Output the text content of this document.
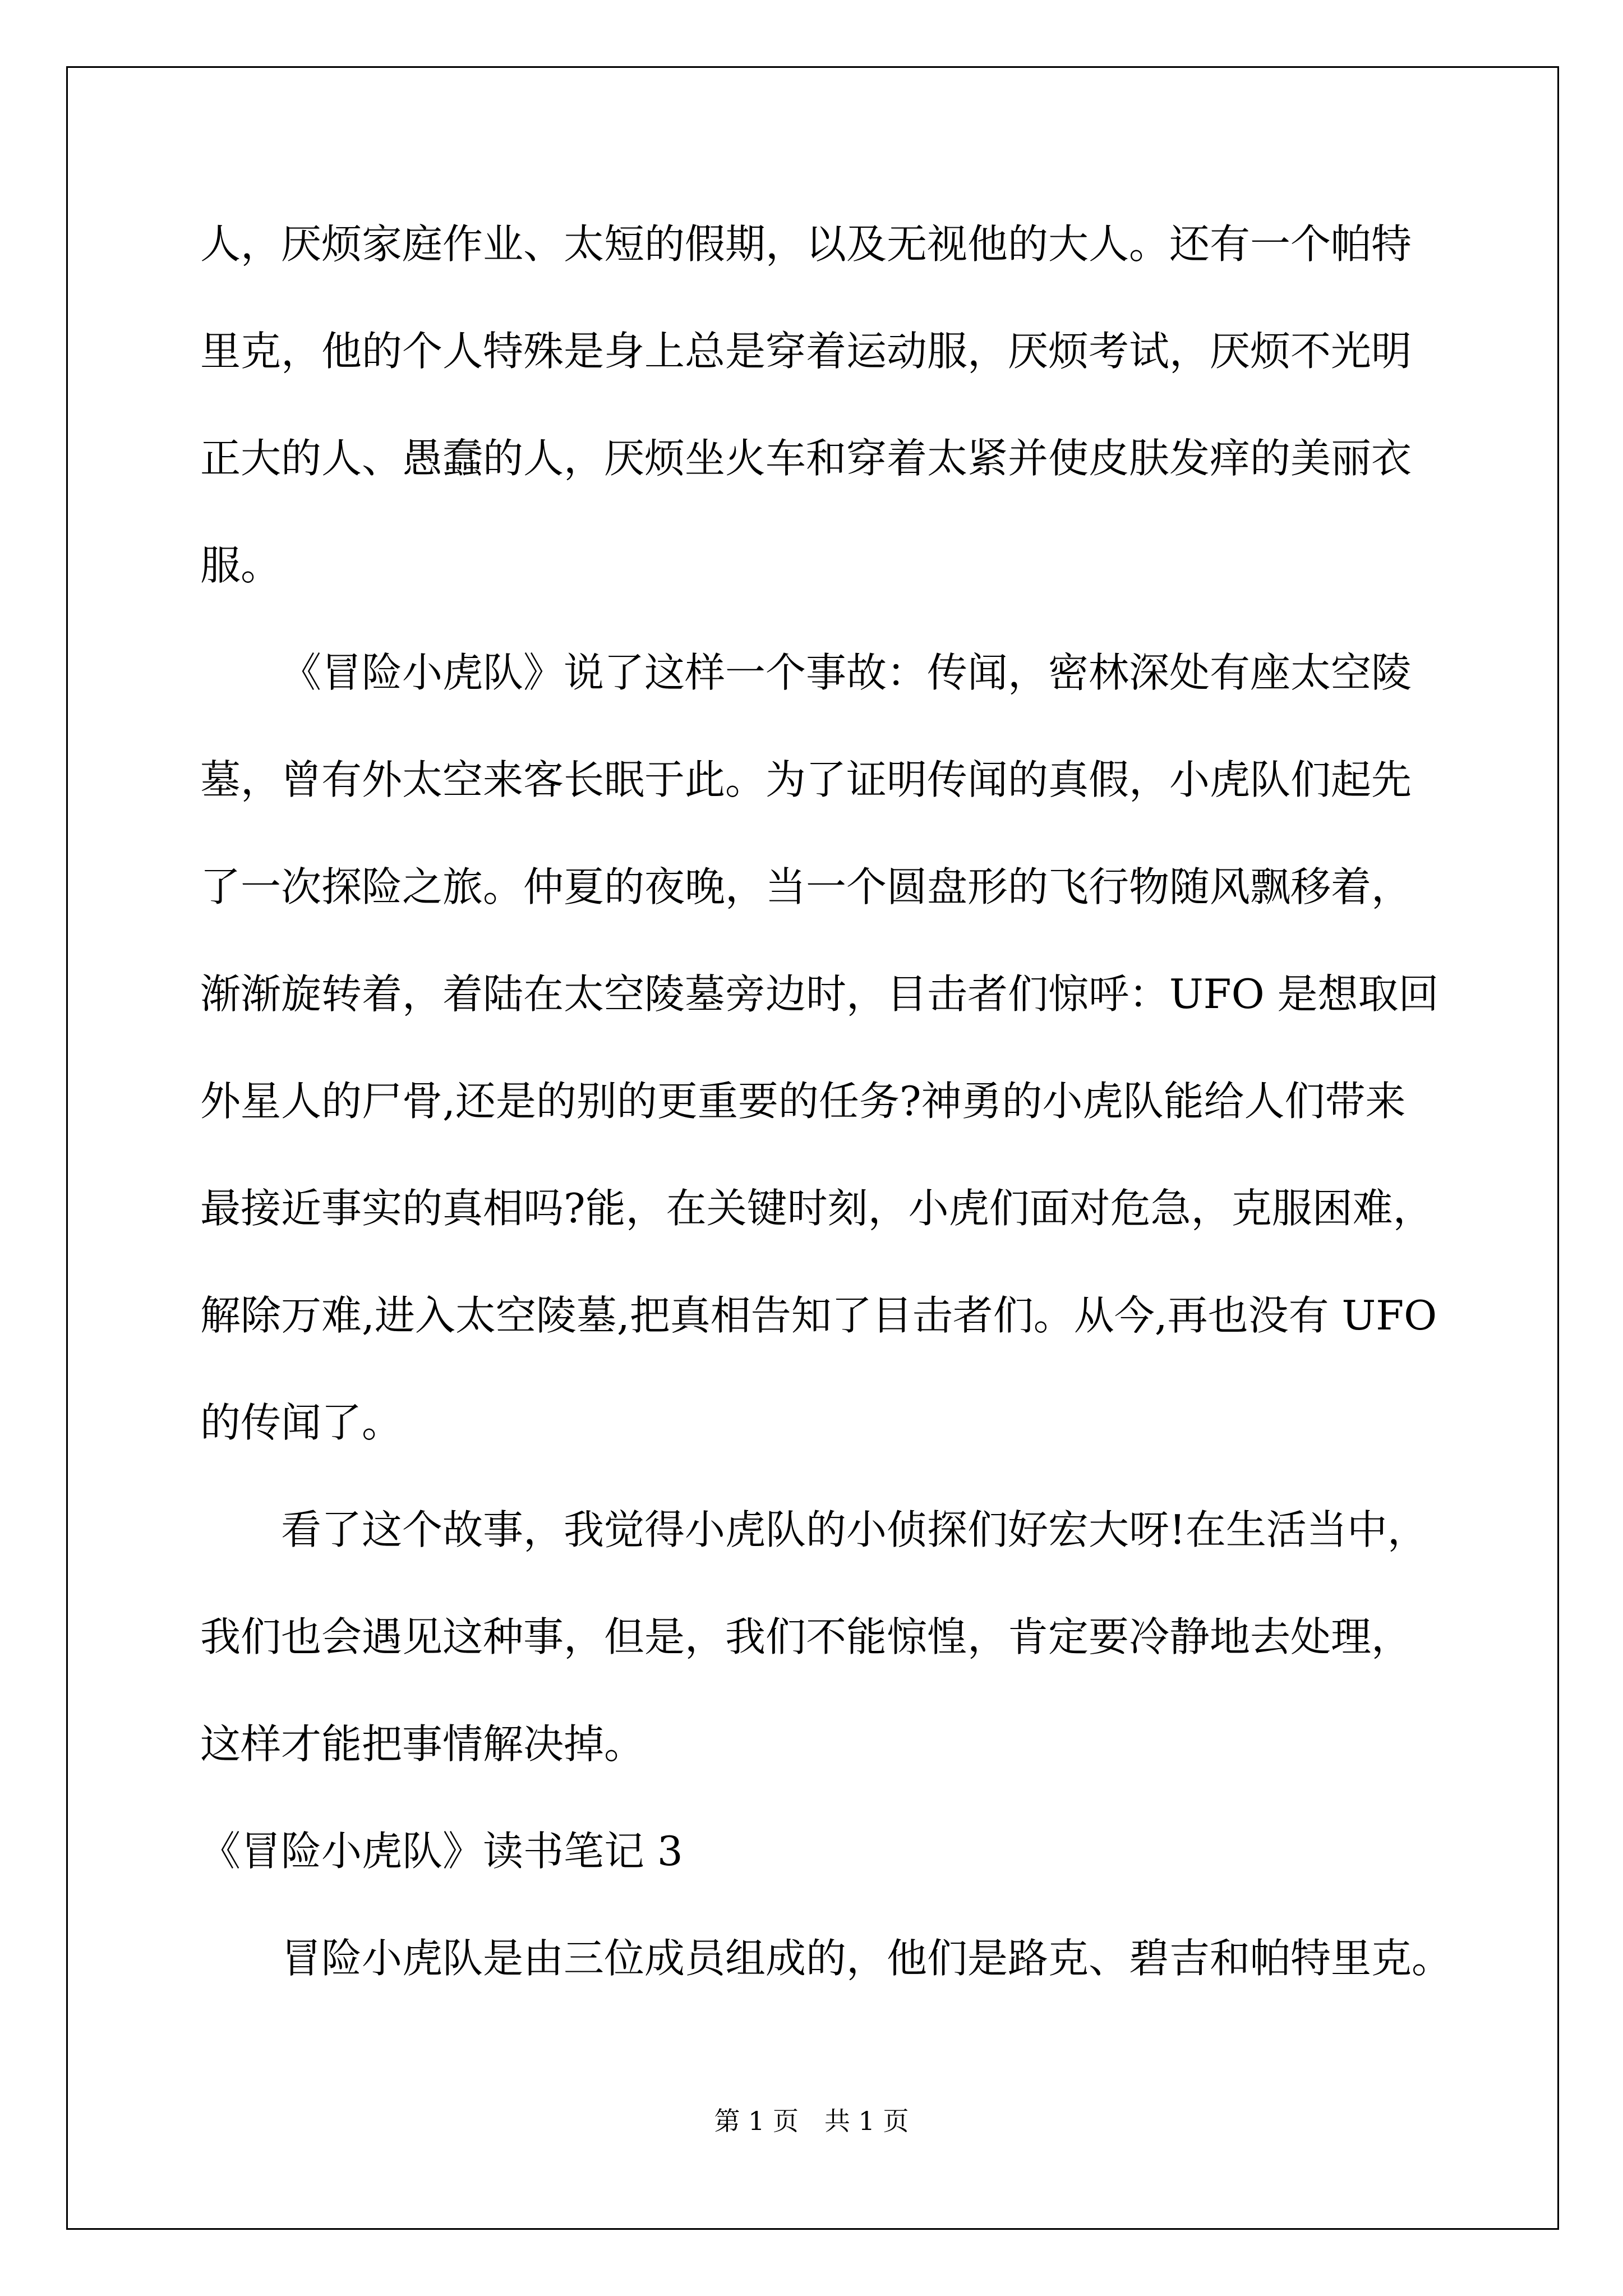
人，厌烦家庭作业、太短的假期，以及无视他的大人。还有一个帕特
里克，他的个人特殊是身上总是穿着运动服，厌烦考试，厌烦不光明
正大的人、愚蠢的人，厌烦坐火车和穿着太紧并使皮肤发痒的美丽衣
服。
《冒险小虎队》说了这样一个事故：传闻，密林深处有座太空陵
墓，曾有外太空来客长眠于此。为了证明传闻的真假，小虎队们起先
了一次探险之旅。仲夏的夜晚，当一个圆盘形的飞行物随风飘移着，
渐渐旋转着，着陆在太空陵墓旁边时，目击者们惊呼：UFO 是想取回
外星人的尸骨,还是的别的更重要的任务?神勇的小虎队能给人们带来
最接近事实的真相吗?能，在关键时刻，小虎们面对危急，克服困难，
解除万难,进入太空陵墓,把真相告知了目击者们。从今,再也没有 UFO
的传闻了。
看了这个故事，我觉得小虎队的小侦探们好宏大呀!在生活当中，
我们也会遇见这种事，但是，我们不能惊惶，肯定要冷静地去处理，
这样才能把事情解决掉。
《冒险小虎队》读书笔记 3
冒险小虎队是由三位成员组成的，他们是路克、碧吉和帕特里克。
第 1 页　共 1 页
